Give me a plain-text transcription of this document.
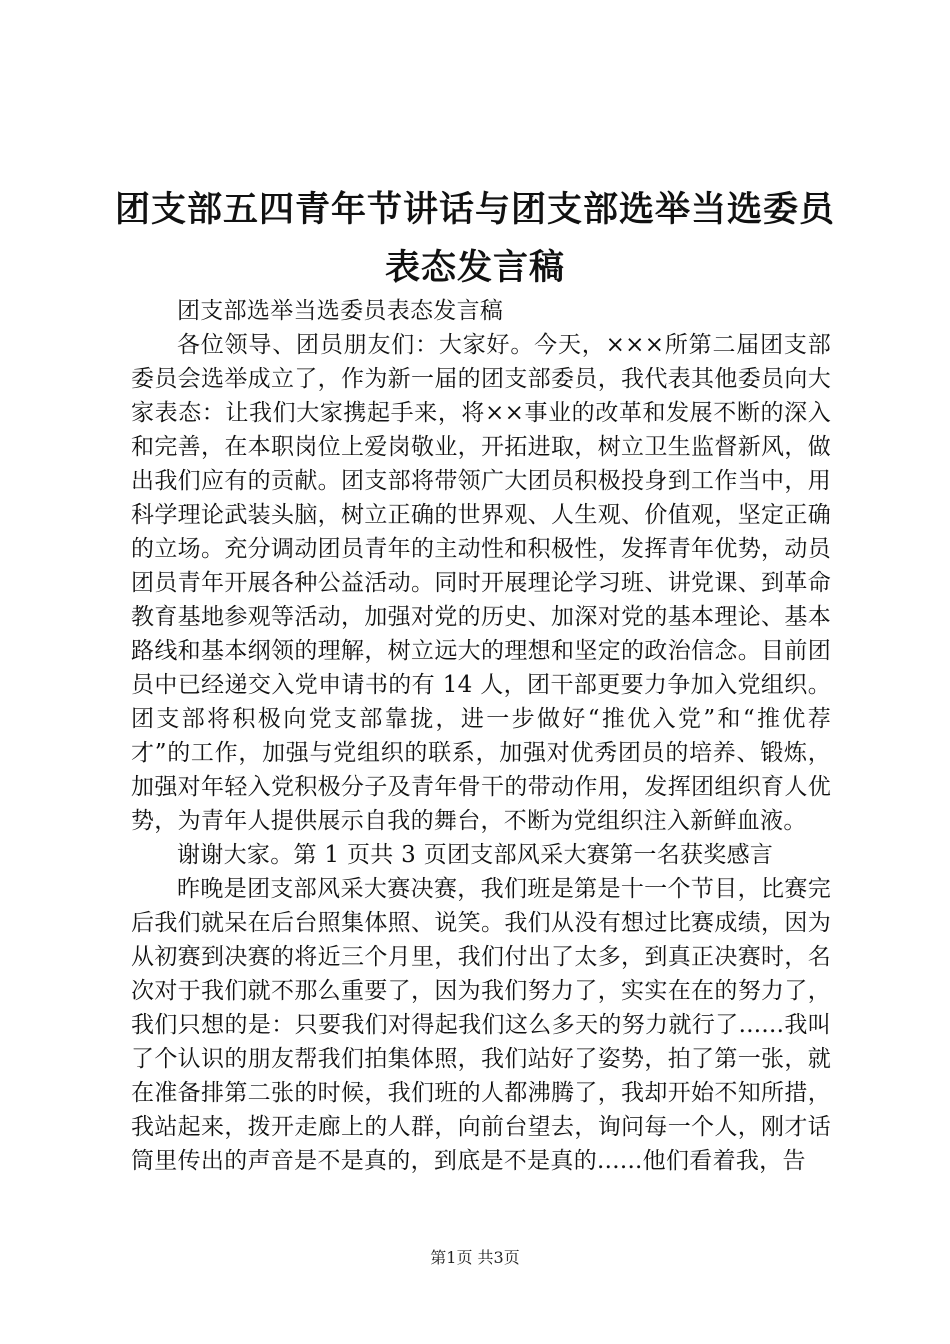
团支部五四青年节讲话与团支部选举当选委员
表态发言稿

团支部选举当选委员表态发言稿

各位领导、团员朋友们：大家好。今天，×××所第二届团支部委员会选举成立了，作为新一届的团支部委员，我代表其他委员向大家表态：让我们大家携起手来，将××事业的改革和发展不断的深入和完善，在本职岗位上爱岗敬业，开拓进取，树立卫生监督新风，做出我们应有的贡献。团支部将带领广大团员积极投身到工作当中，用科学理论武装头脑，树立正确的世界观、人生观、价值观，坚定正确的立场。充分调动团员青年的主动性和积极性，发挥青年优势，动员团员青年开展各种公益活动。同时开展理论学习班、讲党课、到革命教育基地参观等活动，加强对党的历史、加深对党的基本理论、基本路线和基本纲领的理解，树立远大的理想和坚定的政治信念。目前团员中已经递交入党申请书的有 14 人，团干部更要力争加入党组织。团支部将积极向党支部靠拢，进一步做好“推优入党”和“推优荐才”的工作，加强与党组织的联系，加强对优秀团员的培养、锻炼，加强对年轻入党积极分子及青年骨干的带动作用，发挥团组织育人优势，为青年人提供展示自我的舞台，不断为党组织注入新鲜血液。

谢谢大家。第 1 页共 3 页团支部风采大赛第一名获奖感言

昨晚是团支部风采大赛决赛，我们班是第是十一个节目，比赛完后我们就呆在后台照集体照、说笑。我们从没有想过比赛成绩，因为从初赛到决赛的将近三个月里，我们付出了太多，到真正决赛时，名次对于我们就不那么重要了，因为我们努力了，实实在在的努力了，我们只想的是：只要我们对得起我们这么多天的努力就行了......我叫了个认识的朋友帮我们拍集体照，我们站好了姿势，拍了第一张，就在准备排第二张的时候，我们班的人都沸腾了，我却开始不知所措，我站起来，拨开走廊上的人群，向前台望去，询问每一个人，刚才话筒里传出的声音是不是真的，到底是不是真的......他们看着我，告

第1页 共3页
